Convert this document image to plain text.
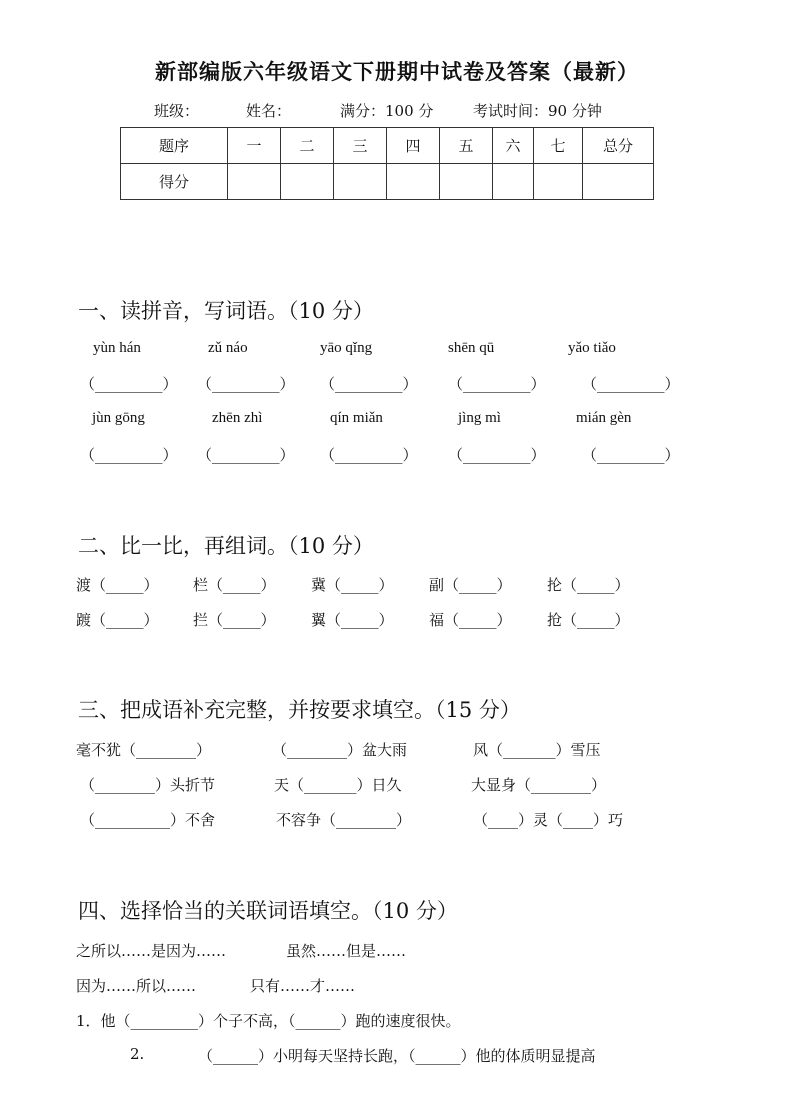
新部编版六年级语文下册期中试卷及答案（最新）
班级：	姓名：	满分：100 分	考试时间：90 分钟
题序	一	二	三	四	五	六	七	总分
得分								
一、读拼音，写词语。（10 分）
yùn hán	zǔ náo	yāo qǐng	shēn qū	yǎo tiǎo
（_________） （_________） （_________） （_________） （_________）
jùn gōng	zhēn zhì	qín miǎn	jìng mì	mián gèn
（_________） （_________） （_________） （_________） （_________）
二、比一比，再组词。（10 分）
渡（_____） 栏（_____） 冀（_____） 副（_____） 抡（_____）
踱（_____） 拦（_____） 翼（_____） 福（_____） 抢（_____）
三、把成语补充完整，并按要求填空。（15 分）
毫不犹（________）	（________）盆大雨	风（_______）雪压
（________）头折节	天（_______）日久	大显身（________）
（__________）不舍	不容争（________）	（____）灵（____）巧
四、选择恰当的关联词语填空。（10 分）
之所以……是因为……	虽然……但是……
因为……所以……	只有……才……
1．他（_________）个子不高，（______）跑的速度很快。
2.	（______）小明每天坚持长跑，（______）他的体质明显提高
